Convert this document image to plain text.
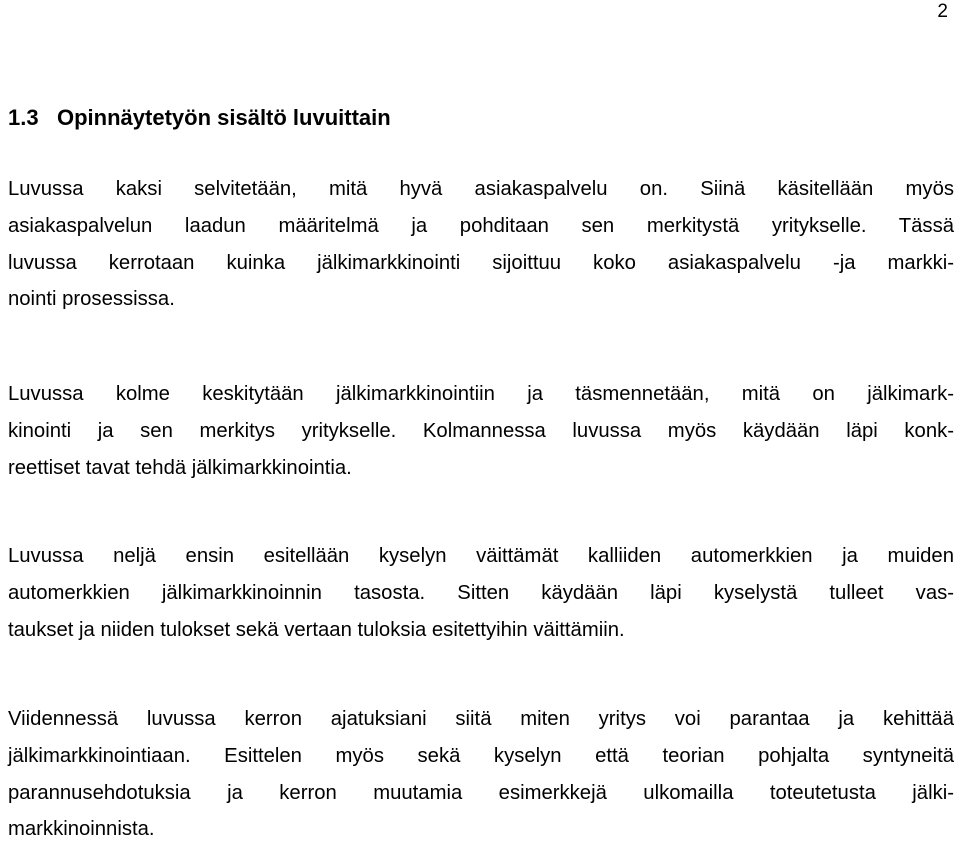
2
1.3 Opinnäytetyön sisältö luvuittain
Luvussa kaksi selvitetään, mitä hyvä asiakaspalvelu on. Siinä käsitellään myös
asiakaspalvelun laadun määritelmä ja pohditaan sen merkitystä yritykselle. Tässä
luvussa kerrotaan kuinka jälkimarkkinointi sijoittuu koko asiakaspalvelu -ja markki-
nointi prosessissa.
Luvussa kolme keskitytään jälkimarkkinointiin ja täsmennetään, mitä on jälkimark-
kinointi ja sen merkitys yritykselle. Kolmannessa luvussa myös käydään läpi konk-
reettiset tavat tehdä jälkimarkkinointia.
Luvussa neljä ensin esitellään kyselyn väittämät kalliiden automerkkien ja muiden
automerkkien jälkimarkkinoinnin tasosta. Sitten käydään läpi kyselystä tulleet vas-
taukset ja niiden tulokset sekä vertaan tuloksia esitettyihin väittämiin.
Viidennessä luvussa kerron ajatuksiani siitä miten yritys voi parantaa ja kehittää
jälkimarkkinointiaan. Esittelen myös sekä kyselyn että teorian pohjalta syntyneitä
parannusehdotuksia ja kerron muutamia esimerkkejä ulkomailla toteutetusta jälki-
markkinoinnista.
